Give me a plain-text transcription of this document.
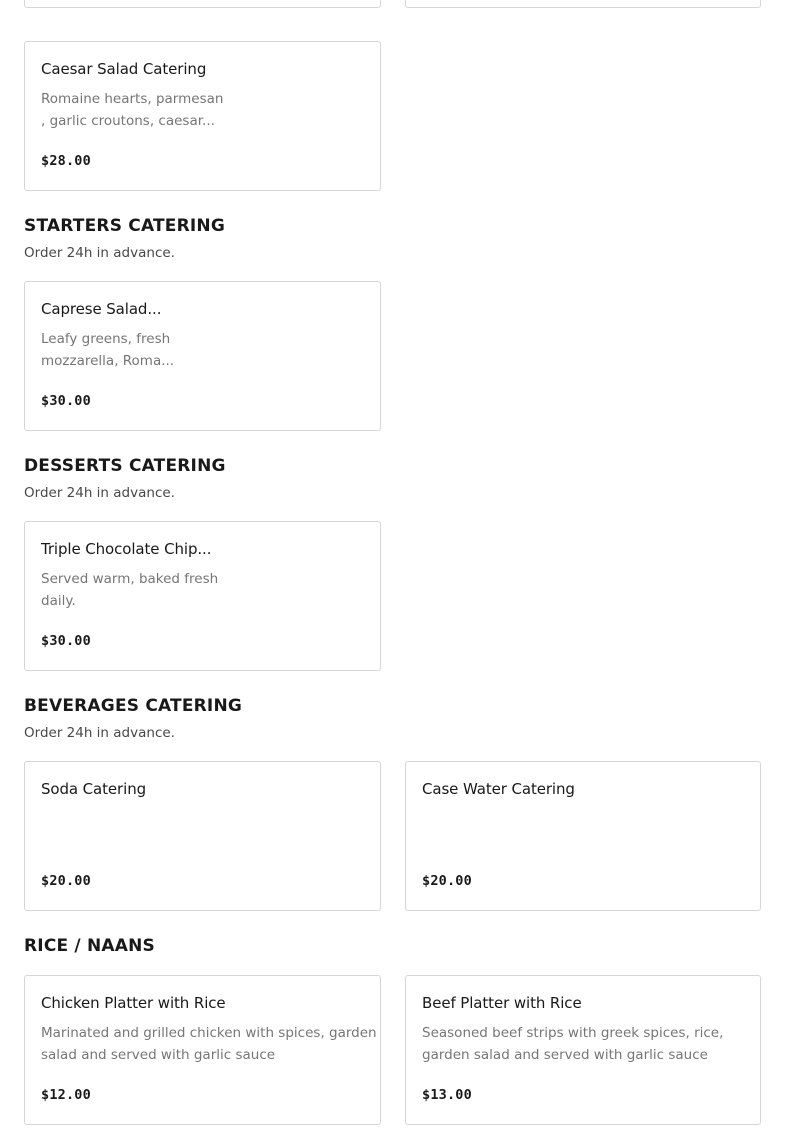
Caesar Salad Catering
Romaine hearts, parmesan
, garlic croutons, caesar...
$28.00
STARTERS CATERING
Order 24h in advance.
Caprese Salad...
Leafy greens, fresh
mozzarella, Roma...
$30.00
DESSERTS CATERING
Order 24h in advance.
Triple Chocolate Chip...
Served warm, baked fresh
daily.
$30.00
BEVERAGES CATERING
Order 24h in advance.
Soda Catering
$20.00
Case Water Catering
$20.00
RICE / NAANS
Chicken Platter with Rice
Marinated and grilled chicken with spices, garden
salad and served with garlic sauce
$12.00
Beef Platter with Rice
Seasoned beef strips with greek spices, rice,
garden salad and served with garlic sauce
$13.00
